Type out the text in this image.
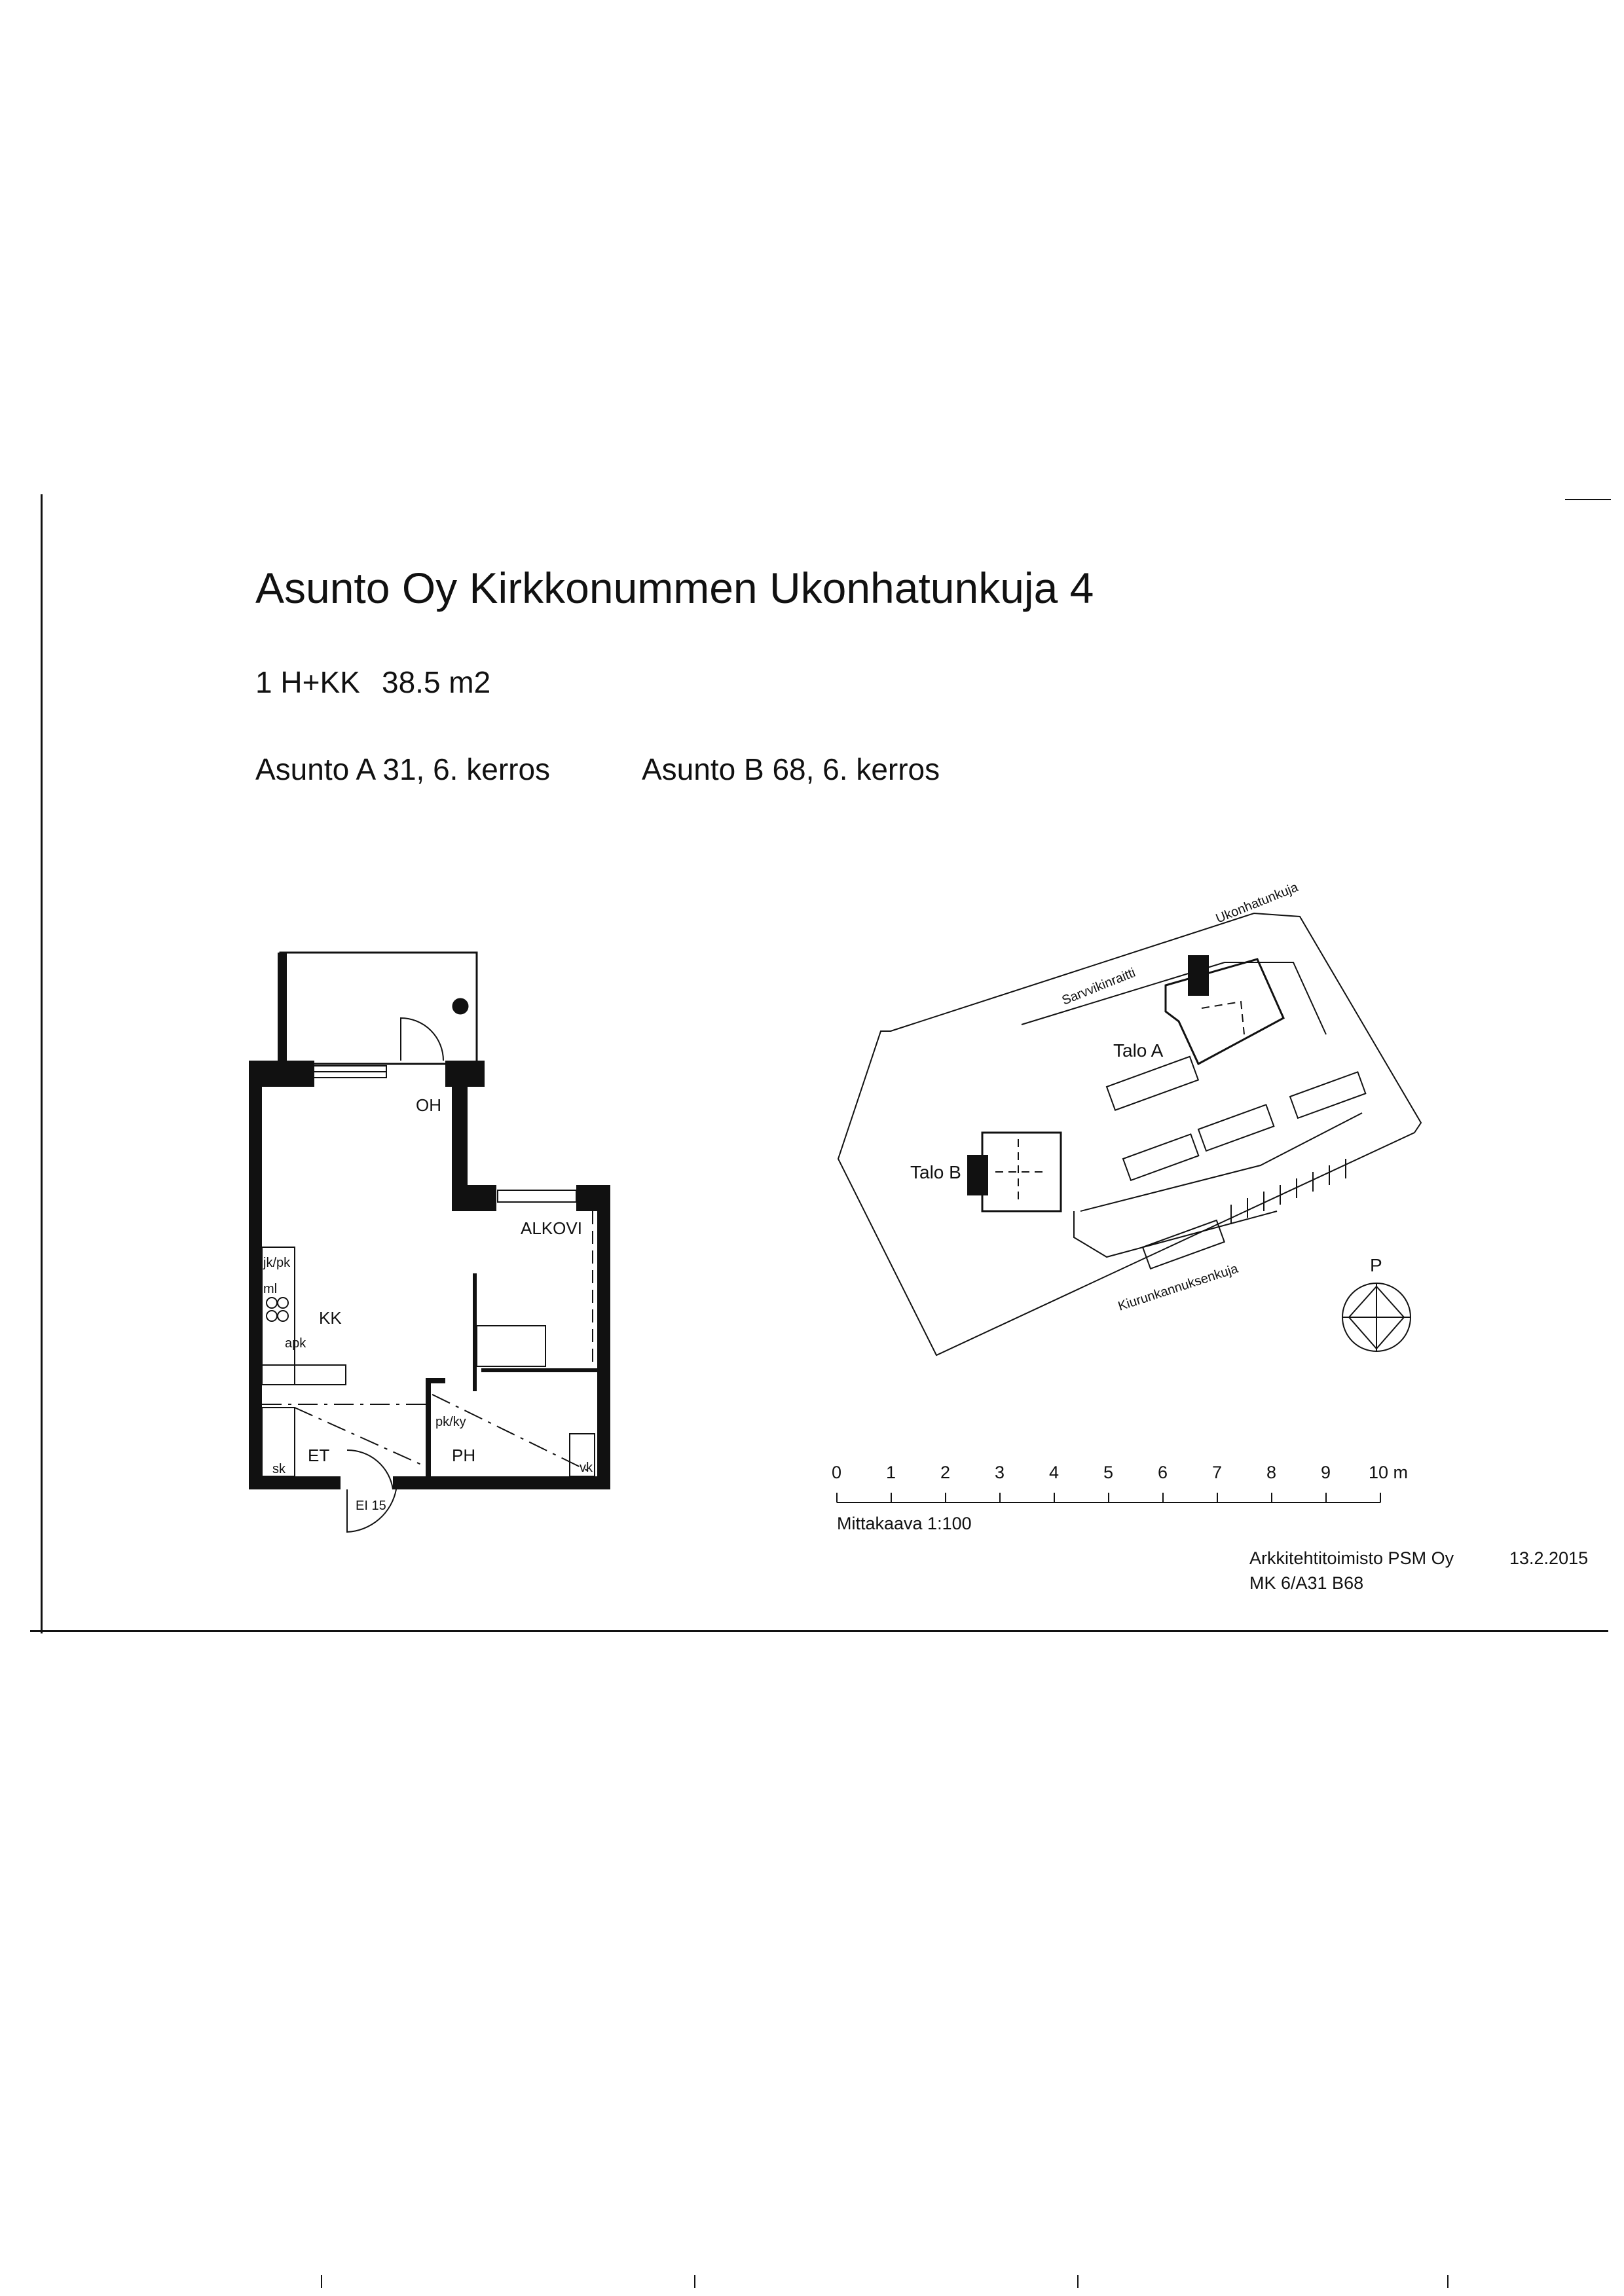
Asunto Oy Kirkkonummen Ukonhatunkuja 4
1 H+KK 38.5 m2
Asunto A 31, 6. kerros	Asunto B 68, 6. kerros
OH
ALKOVI
KK
ET	PH
jk/pk
ml
apk
sk
pk/ky
vk
EI 15
Talo A
Talo B
P
Ukonhatunkuja
Sarvvikinraitti
Kiurunkannuksenkuja
0	1	2	3	4	5	6	7	8	9 10 m
Mittakaava 1:100
Arkkitehtitoimisto PSM Oy
MK 6/A31 B68
13.2.2015
